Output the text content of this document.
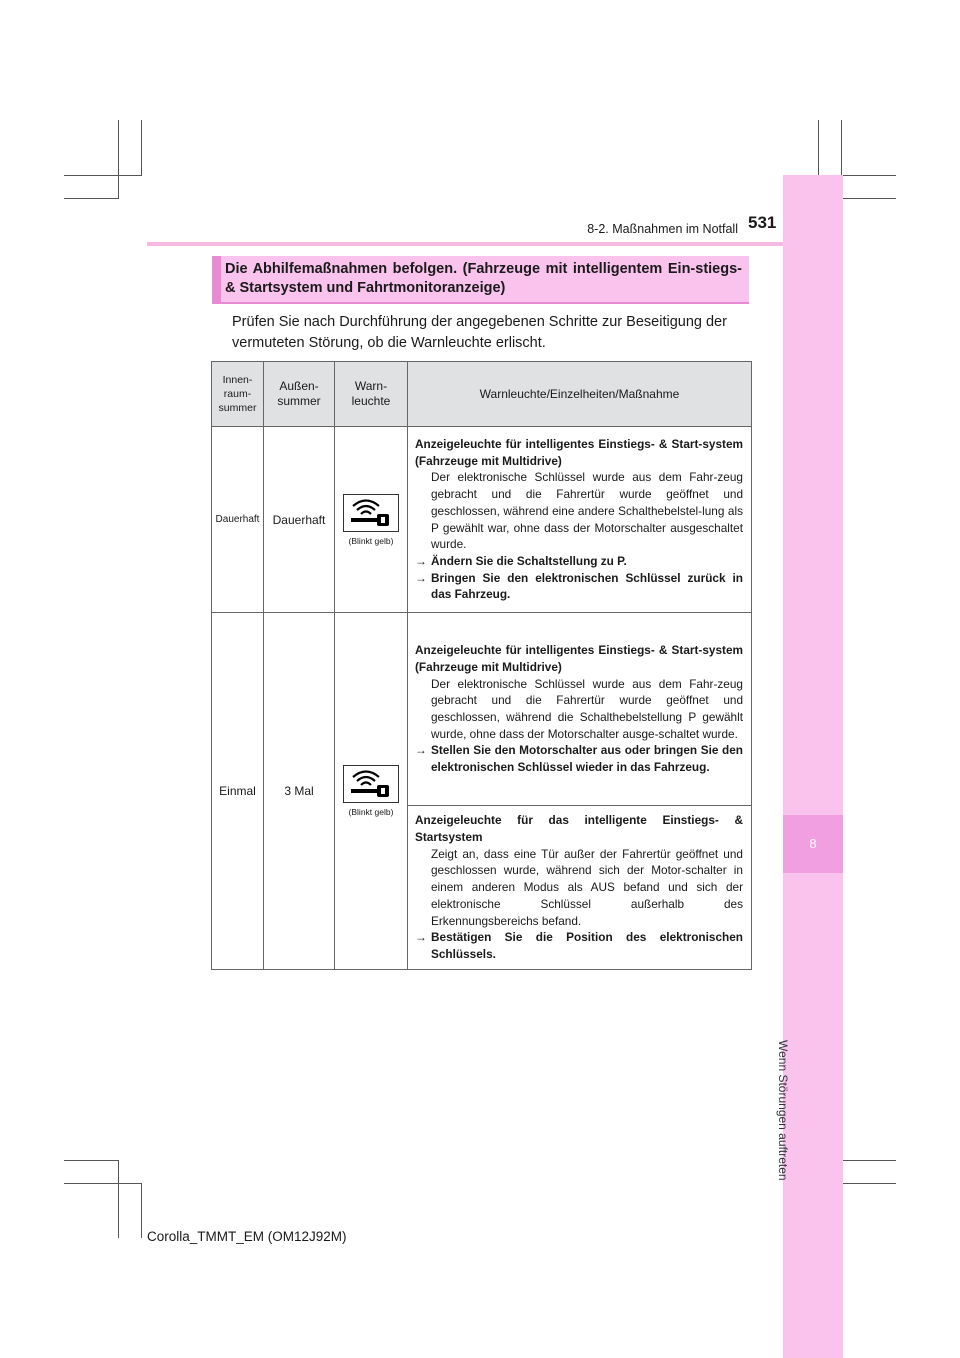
8
Wenn Störungen auftreten
8-2. Maßnahmen im Notfall 531
Die Abhilfemaßnahmen befolgen. (Fahrzeuge mit intelligentem Ein-stiegs- & Startsystem und Fahrtmonitoranzeige)
Prüfen Sie nach Durchführung der angegebenen Schritte zur Beseitigung der vermuteten Störung, ob die Warnleuchte erlischt.
Innen-raum-summer	Außen-summer	Warn-leuchte	Warnleuchte/Einzelheiten/Maßnahme
Dauerhaft	Dauerhaft	(Blinkt gelb)	Anzeigeleuchte für intelligentes Einstiegs- & Start-system (Fahrzeuge mit Multidrive)
Der elektronische Schlüssel wurde aus dem Fahr-zeug gebracht und die Fahrertür wurde geöffnet und geschlossen, während eine andere Schalthebelstel-lung als P gewählt war, ohne dass der Motorschalter ausgeschaltet wurde.
→ Ändern Sie die Schaltstellung zu P.
→ Bringen Sie den elektronischen Schlüssel zurück in das Fahrzeug.

Einmal	3 Mal	(Blinkt gelb)	Anzeigeleuchte für intelligentes Einstiegs- & Start-system (Fahrzeuge mit Multidrive)
Der elektronische Schlüssel wurde aus dem Fahr-zeug gebracht und die Fahrertür wurde geöffnet und geschlossen, während die Schalthebelstellung P gewählt wurde, ohne dass der Motorschalter ausge-schaltet wurde.
→ Stellen Sie den Motorschalter aus oder bringen Sie den elektronischen Schlüssel wieder in das Fahrzeug.

			Anzeigeleuchte für das intelligente Einstiegs- & Startsystem
Zeigt an, dass eine Tür außer der Fahrertür geöffnet und geschlossen wurde, während sich der Motor-schalter in einem anderen Modus als AUS befand und sich der elektronische Schlüssel außerhalb des Erkennungsbereichs befand.
→ Bestätigen Sie die Position des elektronischen Schlüssels.
Corolla_TMMT_EM (OM12J92M)
